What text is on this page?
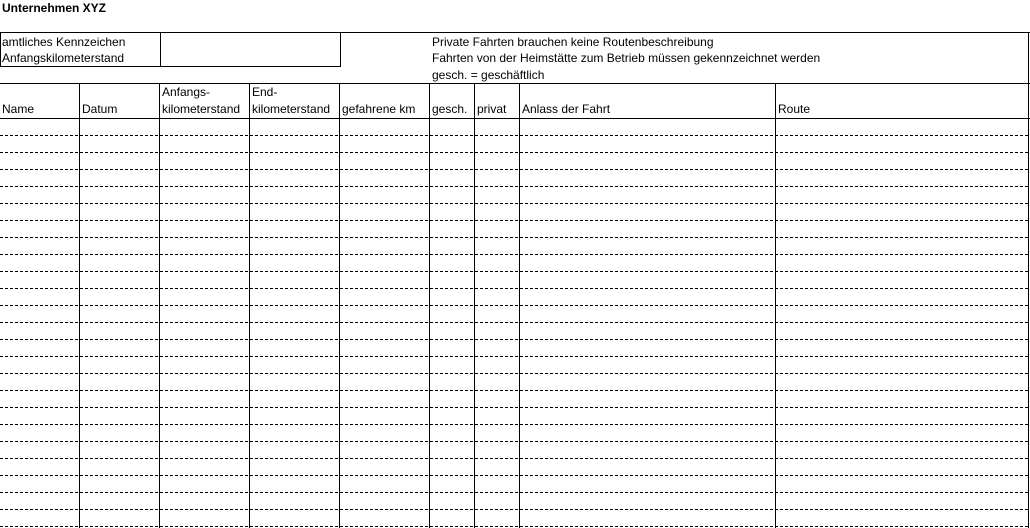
Unternehmen XYZ
amtliches Kennzeichen
Anfangskilometerstand
Private Fahrten brauchen keine Routenbeschreibung
Fahrten von der Heimstätte zum Betrieb müssen gekennzeichnet werden
gesch. = geschäftlich
Name	Datum
Anfangs-
kilometerstand
End-
kilometerstand gefahrene km gesch. privat Anlass der Fahrt	Route
